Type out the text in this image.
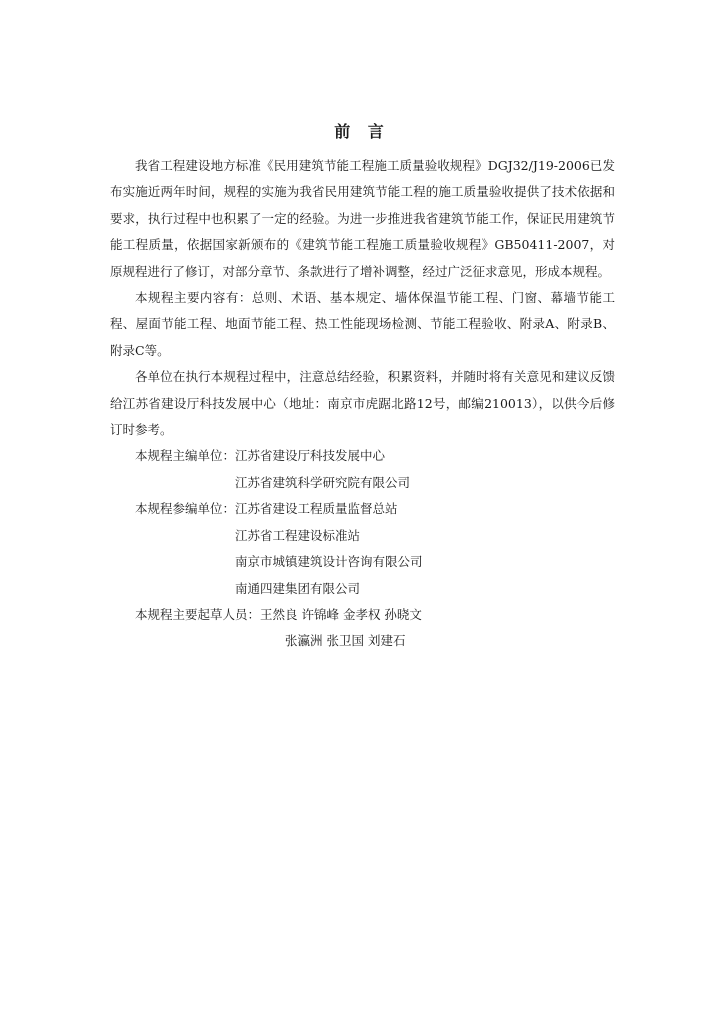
前 言

我省工程建设地方标准《民用建筑节能工程施工质量验收规程》DGJ32/J19-2006已发布实施近两年时间，规程的实施为我省民用建筑节能工程的施工质量验收提供了技术依据和要求，执行过程中也积累了一定的经验。为进一步推进我省建筑节能工作，保证民用建筑节能工程质量，依据国家新颁布的《建筑节能工程施工质量验收规程》GB50411-2007，对原规程进行了修订，对部分章节、条款进行了增补调整，经过广泛征求意见，形成本规程。

本规程主要内容有：总则、术语、基本规定、墙体保温节能工程、门窗、幕墙节能工程、屋面节能工程、地面节能工程、热工性能现场检测、节能工程验收、附录A、附录B、附录C等。

各单位在执行本规程过程中，注意总结经验，积累资料，并随时将有关意见和建议反馈给江苏省建设厅科技发展中心（地址：南京市虎踞北路12号，邮编210013），以供今后修订时参考。

本规程主编单位： 江苏省建设厅科技发展中心
江苏省建筑科学研究院有限公司
本规程参编单位： 江苏省建设工程质量监督总站
江苏省工程建设标准站
南京市城镇建筑设计咨询有限公司
南通四建集团有限公司
本规程主要起草人员： 王然良 许锦峰 金孝权 孙晓文
张瀛洲 张卫国 刘建石
